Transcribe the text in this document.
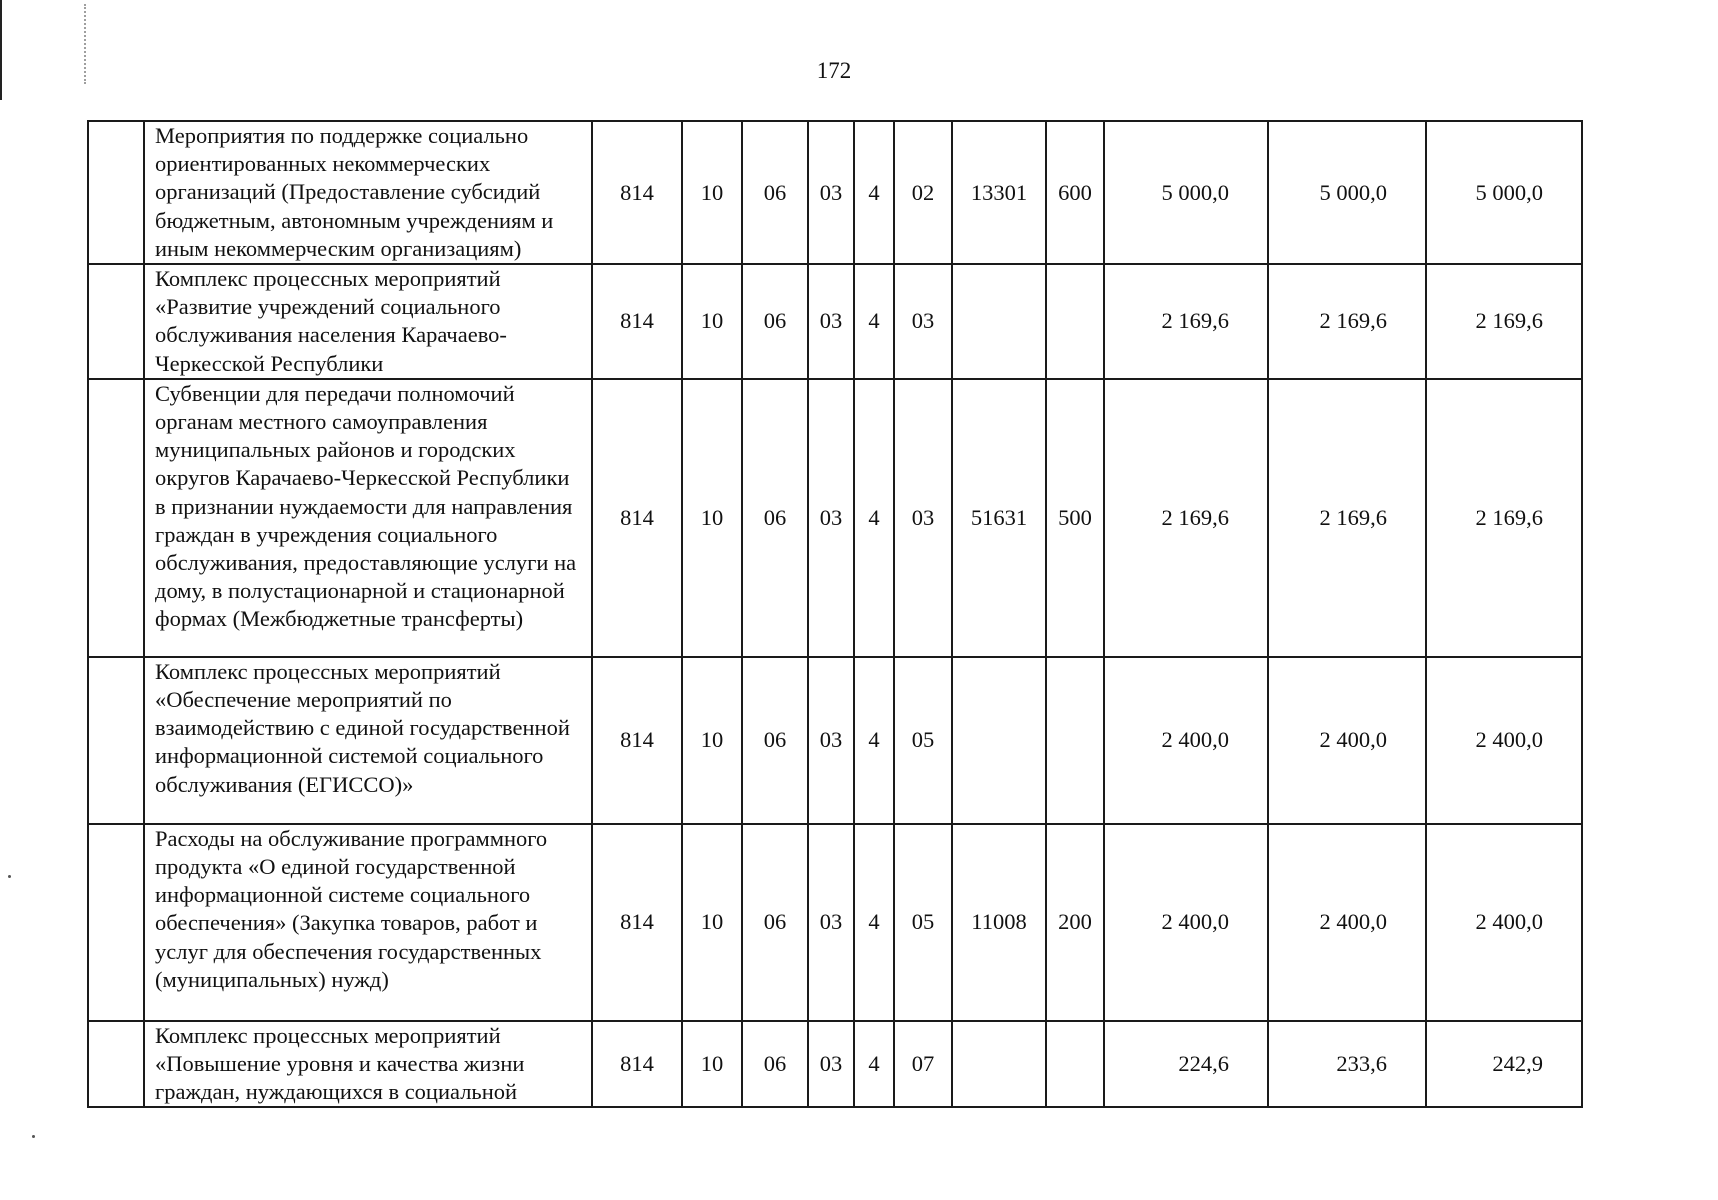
172
	Мероприятия по поддержке социально ориентированных некоммерческих организаций (Предоставление субсидий бюджетным, автономным учреждениям и иным некоммерческим организациям)	814	10	06	03	4	02	13301	600	5 000,0	5 000,0	5 000,0
	Комплекс процессных мероприятий «Развитие учреждений социального обслуживания населения Карачаево-Черкесской Республики	814	10	06	03	4	03			2 169,6	2 169,6	2 169,6
	Субвенции для передачи полномочий органам местного самоуправления муниципальных районов и городских округов Карачаево-Черкесской Республики в признании нуждаемости для направления граждан в учреждения социального обслуживания, предоставляющие услуги на дому, в полустационарной и стационарной формах (Межбюджетные трансферты)	814	10	06	03	4	03	51631	500	2 169,6	2 169,6	2 169,6
	Комплекс процессных мероприятий «Обеспечение мероприятий по взаимодействию с единой государственной информационной системой социального обслуживания (ЕГИССО)»	814	10	06	03	4	05			2 400,0	2 400,0	2 400,0
	Расходы на обслуживание программного продукта «О единой государственной информационной системе социального обеспечения» (Закупка товаров, работ и услуг для обеспечения государственных (муниципальных) нужд)	814	10	06	03	4	05	11008	200	2 400,0	2 400,0	2 400,0
	Комплекс процессных мероприятий «Повышение уровня и качества жизни граждан, нуждающихся в социальной	814	10	06	03	4	07			224,6	233,6	242,9
